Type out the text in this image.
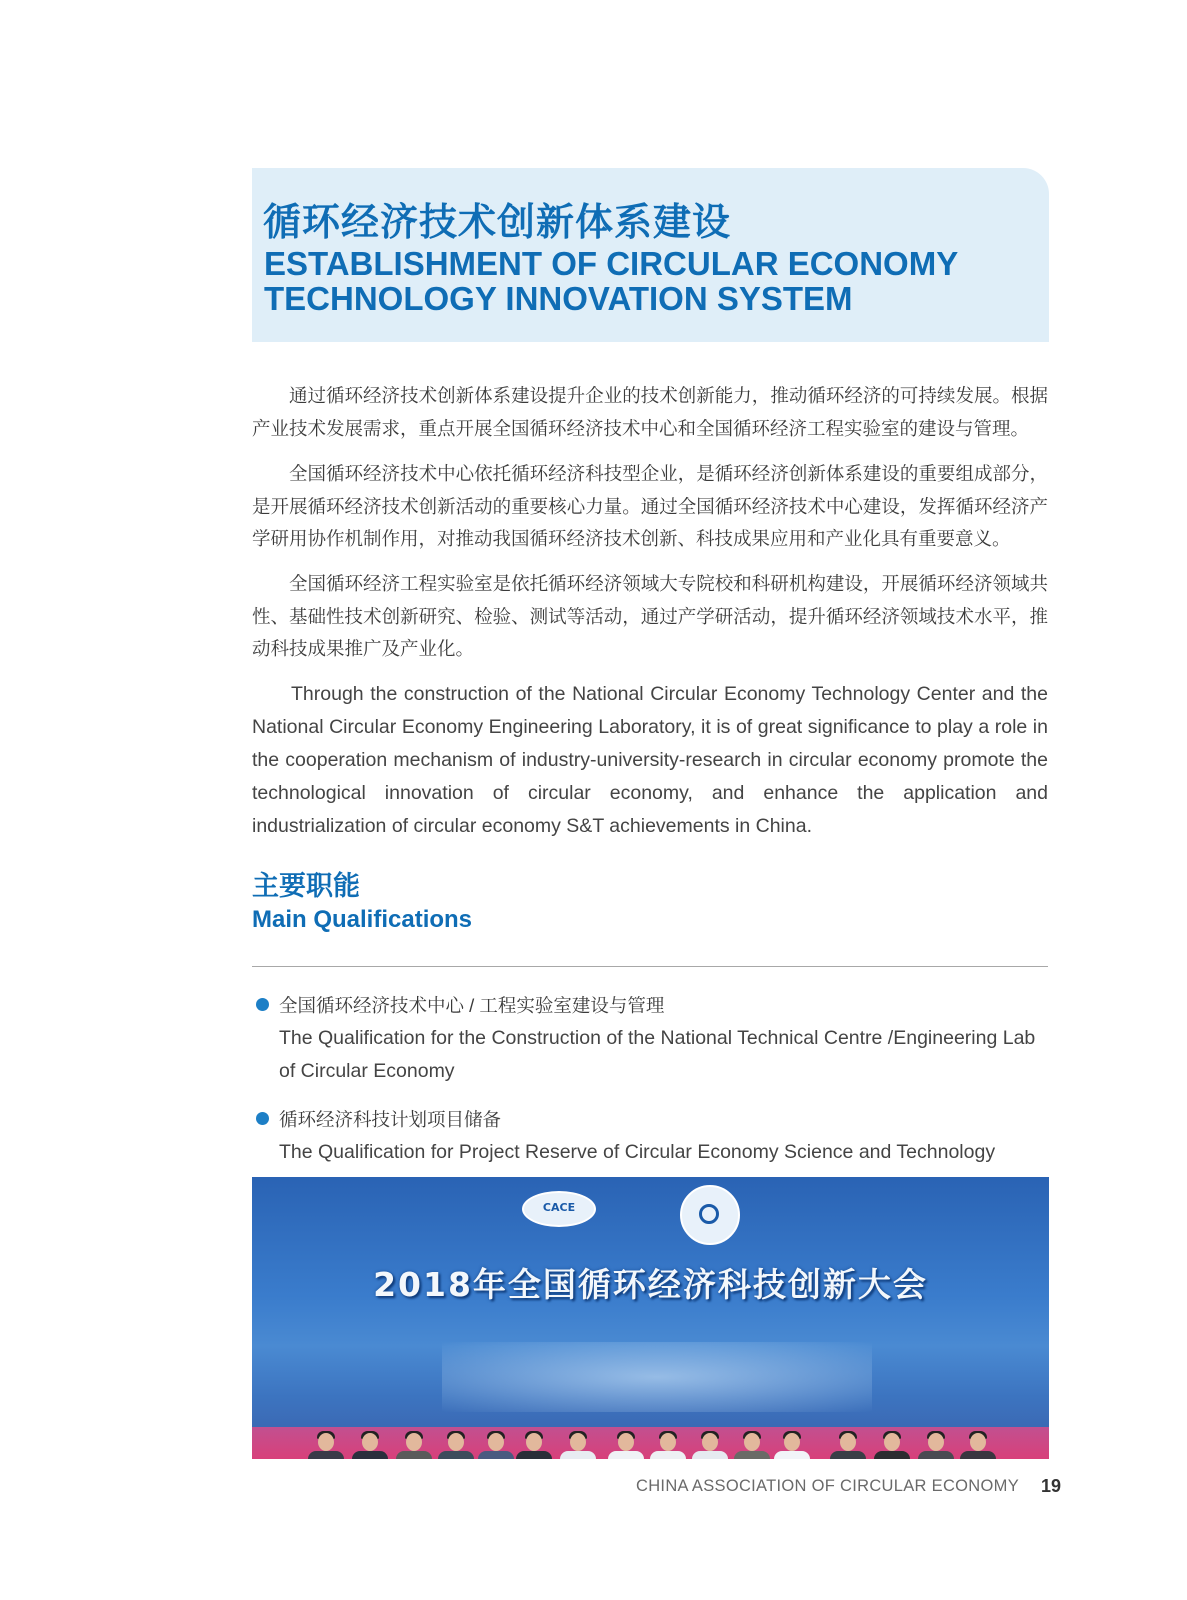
循环经济技术创新体系建设
ESTABLISHMENT OF CIRCULAR ECONOMY
TECHNOLOGY INNOVATION SYSTEM

通过循环经济技术创新体系建设提升企业的技术创新能力，推动循环经济的可持续发展。根据产业技术发展需求，重点开展全国循环经济技术中心和全国循环经济工程实验室的建设与管理。

全国循环经济技术中心依托循环经济科技型企业，是循环经济创新体系建设的重要组成部分，是开展循环经济技术创新活动的重要核心力量。通过全国循环经济技术中心建设，发挥循环经济产学研用协作机制作用，对推动我国循环经济技术创新、科技成果应用和产业化具有重要意义。

全国循环经济工程实验室是依托循环经济领域大专院校和科研机构建设，开展循环经济领域共性、基础性技术创新研究、检验、测试等活动，通过产学研活动，提升循环经济领域技术水平，推动科技成果推广及产业化。

Through the construction of the National Circular Economy Technology Center and the National Circular Economy Engineering Laboratory, it is of great significance to play a role in the cooperation mechanism of industry-university-research in circular economy promote the technological innovation of circular economy, and enhance the application and industrialization of circular economy S&T achievements in China.

主要职能
Main Qualifications
全国循环经济技术中心 / 工程实验室建设与管理
The Qualification for the Construction of the National Technical Centre /Engineering Lab of Circular Economy
循环经济科技计划项目储备
The Qualification for Project Reserve of Circular Economy Science and Technology
CACE
2018年全国循环经济科技创新大会
CHINA ASSOCIATION OF CIRCULAR ECONOMY 19
